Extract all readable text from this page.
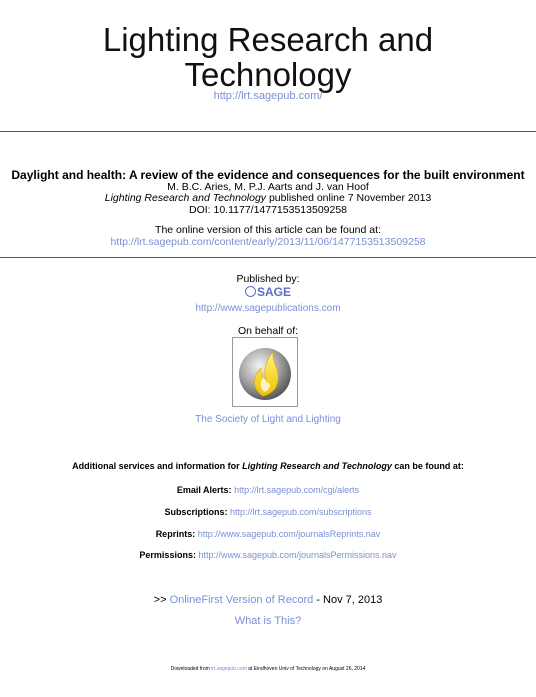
Lighting Research and
Technology
http://lrt.sagepub.com/
Daylight and health: A review of the evidence and consequences for the built environment
M. B.C. Aries, M. P.J. Aarts and J. van Hoof
Lighting Research and Technology published online 7 November 2013
DOI: 10.1177/1477153513509258
The online version of this article can be found at:
http://lrt.sagepub.com/content/early/2013/11/06/1477153513509258
Published by:
SAGE
http://www.sagepublications.com
On behalf of:
The Society of Light and Lighting
Additional services and information for Lighting Research and Technology can be found at:
Email Alerts: http://lrt.sagepub.com/cgi/alerts
Subscriptions: http://lrt.sagepub.com/subscriptions
Reprints: http://www.sagepub.com/journalsReprints.nav
Permissions: http://www.sagepub.com/journalsPermissions.nav
>> OnlineFirst Version of Record - Nov 7, 2013
What is This?
Downloaded from lrt.sagepub.com at Eindhoven Univ of Technology on August 26, 2014
